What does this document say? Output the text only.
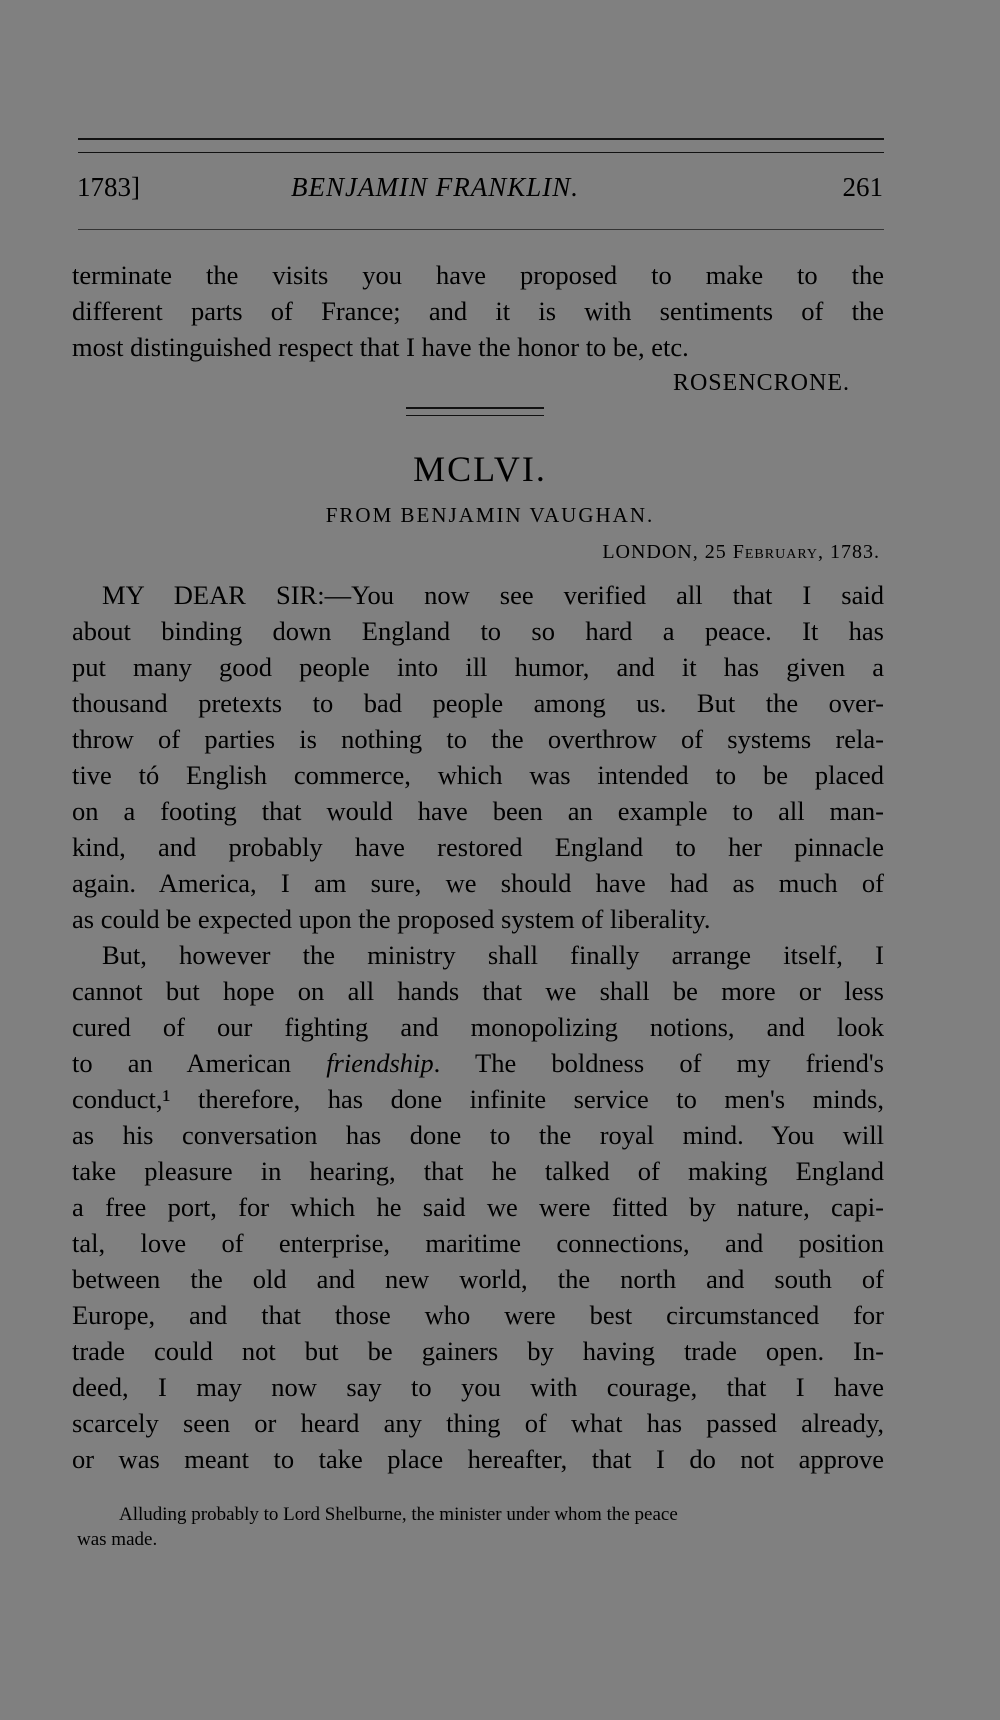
1783]	BENJAMIN FRANKLIN.	261
terminate the visits you have proposed to make to the
different parts of France; and it is with sentiments of the
most distinguished respect that I have the honor to be, etc.
ROSENCRONE.
MCLVI.
FROM BENJAMIN VAUGHAN.
LONDON, 25 February, 1783.
MY DEAR SIR:—You now see verified all that I said
about binding down England to so hard a peace. It has
put many good people into ill humor, and it has given a
thousand pretexts to bad people among us. But the over-
throw of parties is nothing to the overthrow of systems rela-
tive tó English commerce, which was intended to be placed
on a footing that would have been an example to all man-
kind, and probably have restored England to her pinnacle
again. America, I am sure, we should have had as much of
as could be expected upon the proposed system of liberality.
But, however the ministry shall finally arrange itself, I
cannot but hope on all hands that we shall be more or less
cured of our fighting and monopolizing notions, and look
to an American friendship. The boldness of my friend's
conduct,¹ therefore, has done infinite service to men's minds,
as his conversation has done to the royal mind. You will
take pleasure in hearing, that he talked of making England
a free port, for which he said we were fitted by nature, capi-
tal, love of enterprise, maritime connections, and position
between the old and new world, the north and south of
Europe, and that those who were best circumstanced for
trade could not but be gainers by having trade open. In-
deed, I may now say to you with courage, that I have
scarcely seen or heard any thing of what has passed already,
or was meant to take place hereafter, that I do not approve
Alluding probably to Lord Shelburne, the minister under whom the peace
was made.
